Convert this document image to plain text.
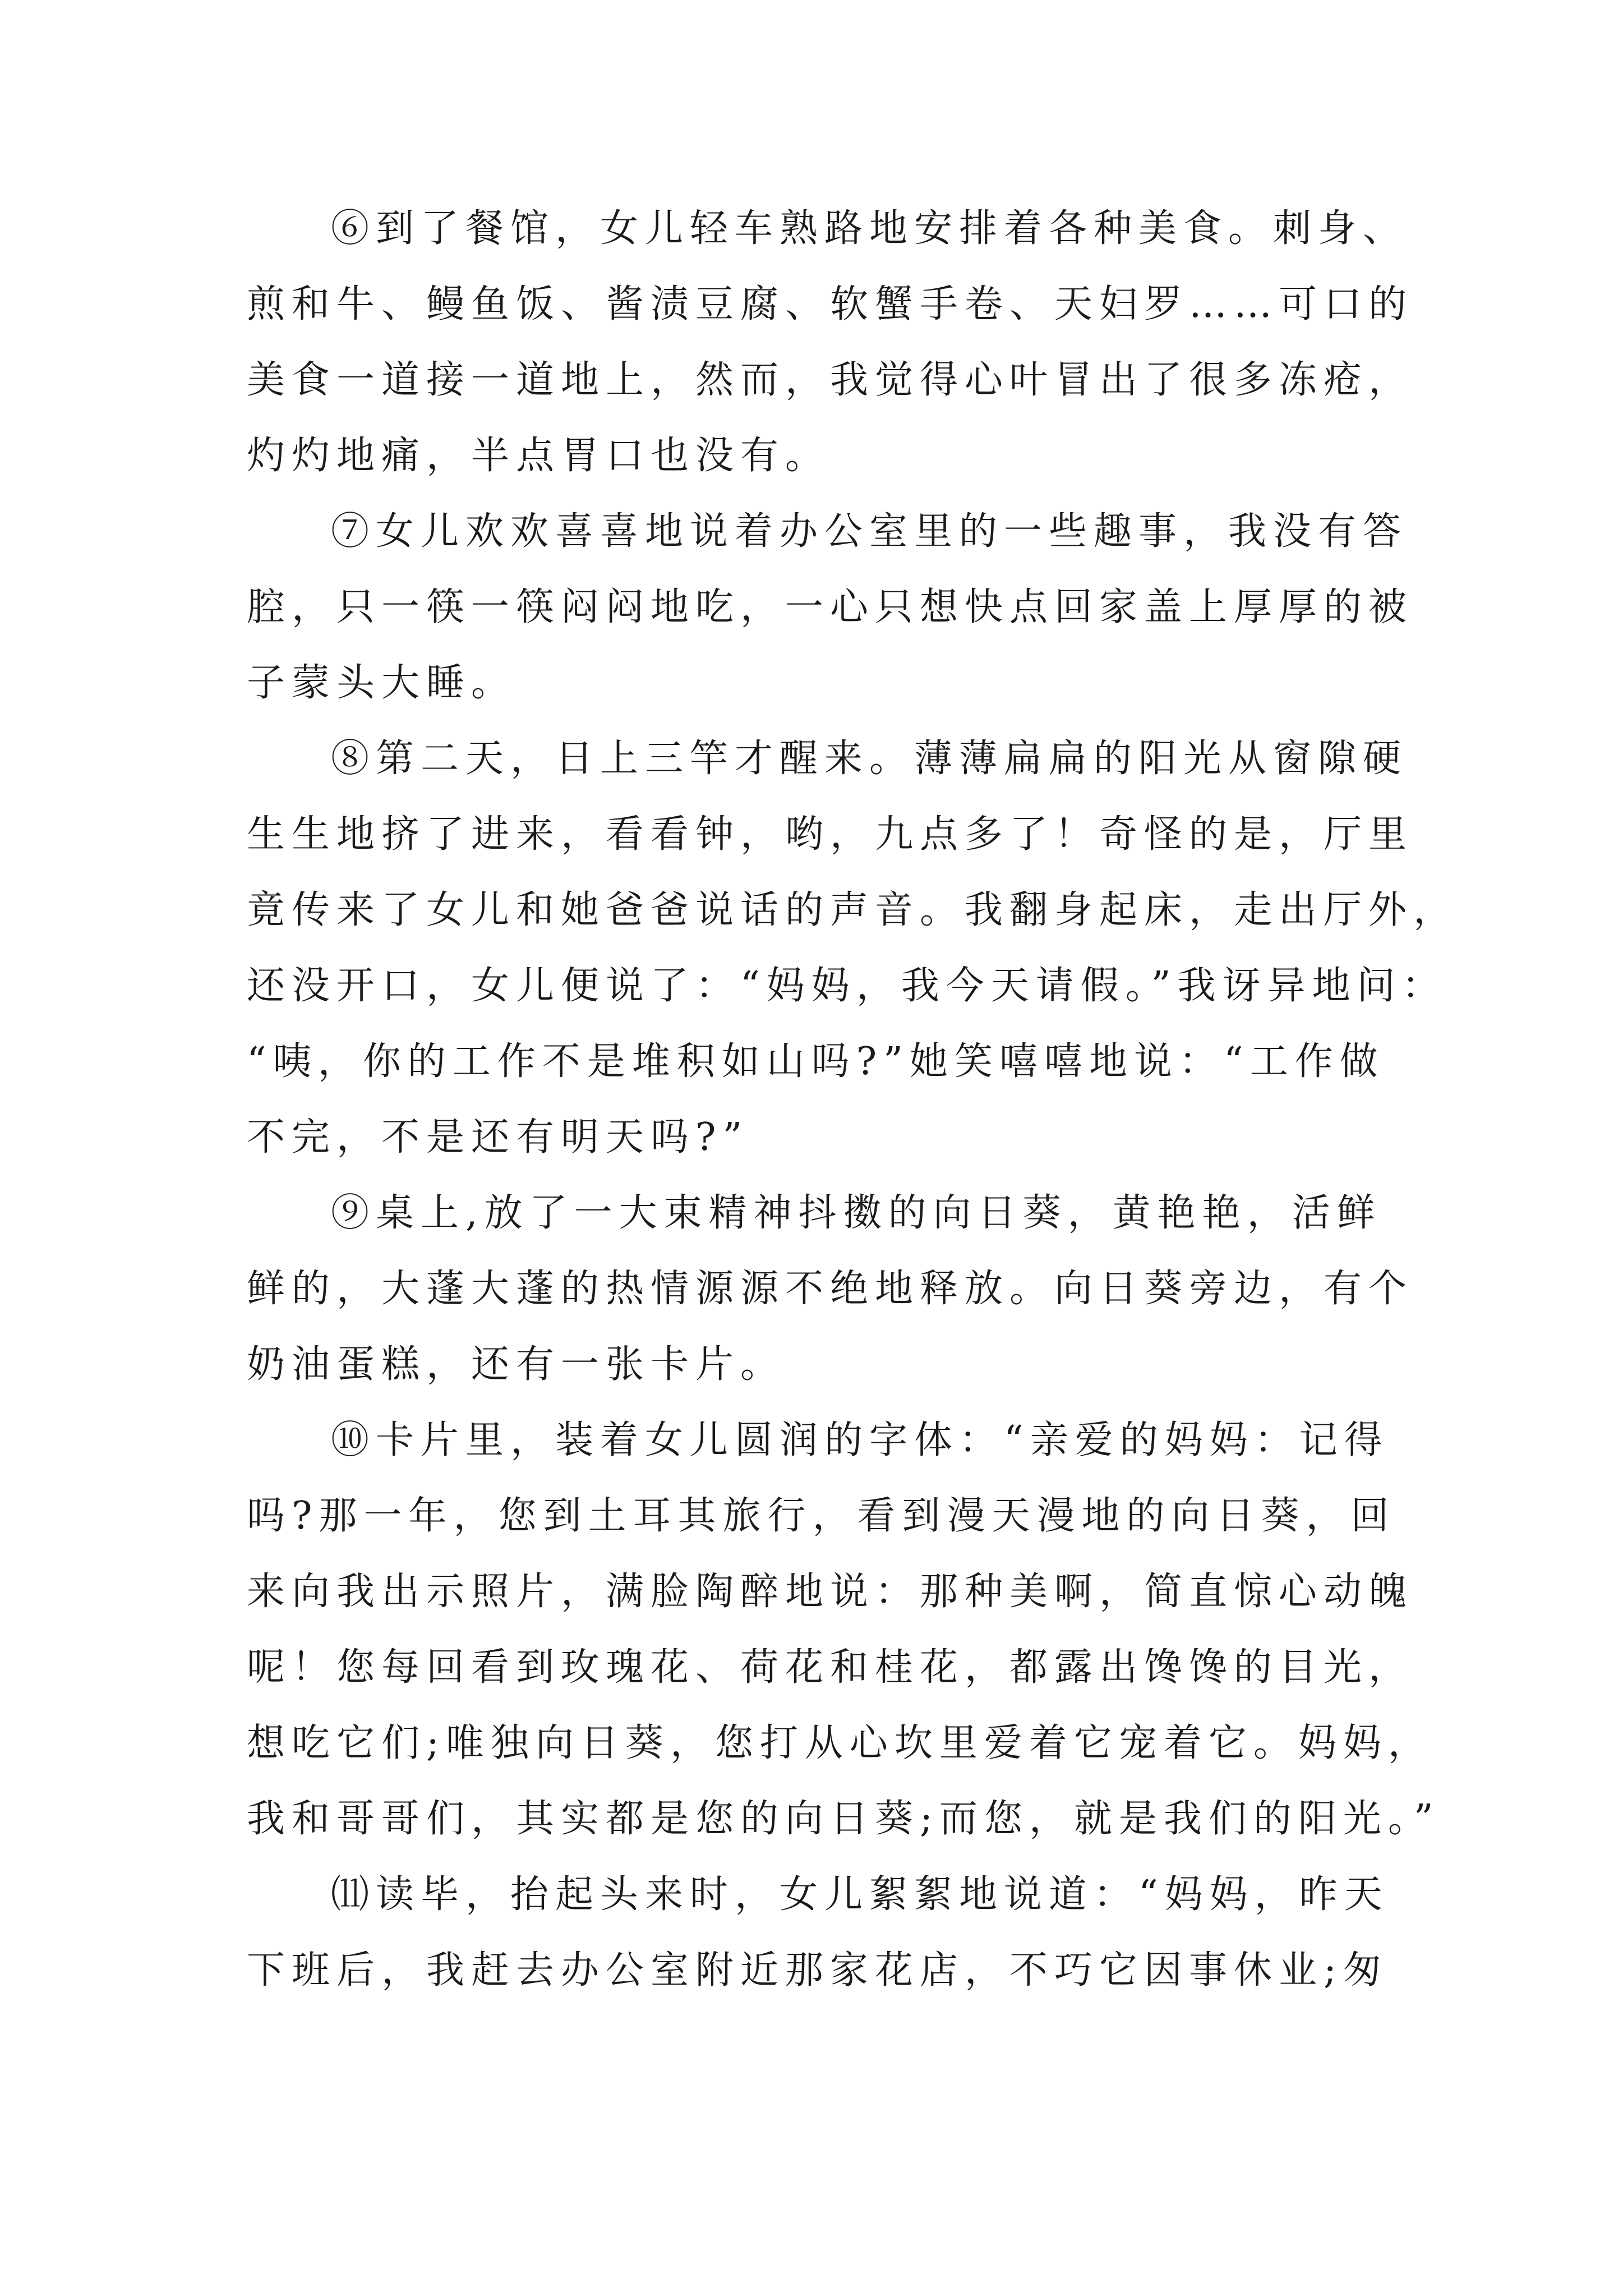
⑥到了餐馆，女儿轻车熟路地安排着各种美食。刺身、
煎和牛、鳗鱼饭、酱渍豆腐、软蟹手卷、天妇罗……可口的
美食一道接一道地上，然而，我觉得心叶冒出了很多冻疮，
灼灼地痛，半点胃口也没有。
⑦女儿欢欢喜喜地说着办公室里的一些趣事，我没有答
腔，只一筷一筷闷闷地吃，一心只想快点回家盖上厚厚的被
子蒙头大睡。
⑧第二天，日上三竿才醒来。薄薄扁扁的阳光从窗隙硬
生生地挤了进来，看看钟，哟，九点多了！奇怪的是，厅里
竟传来了女儿和她爸爸说话的声音。我翻身起床，走出厅外，
还没开口，女儿便说了：“妈妈，我今天请假。”我讶异地问：
“咦，你的工作不是堆积如山吗?”她笑嘻嘻地说：“工作做
不完，不是还有明天吗?”
⑨桌上,放了一大束精神抖擞的向日葵，黄艳艳，活鲜
鲜的，大蓬大蓬的热情源源不绝地释放。向日葵旁边，有个
奶油蛋糕，还有一张卡片。
⑩卡片里，装着女儿圆润的字体：“亲爱的妈妈：记得
吗?那一年，您到土耳其旅行，看到漫天漫地的向日葵，回
来向我出示照片，满脸陶醉地说：那种美啊，简直惊心动魄
呢！您每回看到玫瑰花、荷花和桂花，都露出馋馋的目光，
想吃它们;唯独向日葵，您打从心坎里爱着它宠着它。妈妈，
我和哥哥们，其实都是您的向日葵;而您，就是我们的阳光。”
⑾读毕，抬起头来时，女儿絮絮地说道：“妈妈，昨天
下班后，我赶去办公室附近那家花店，不巧它因事休业;匆
